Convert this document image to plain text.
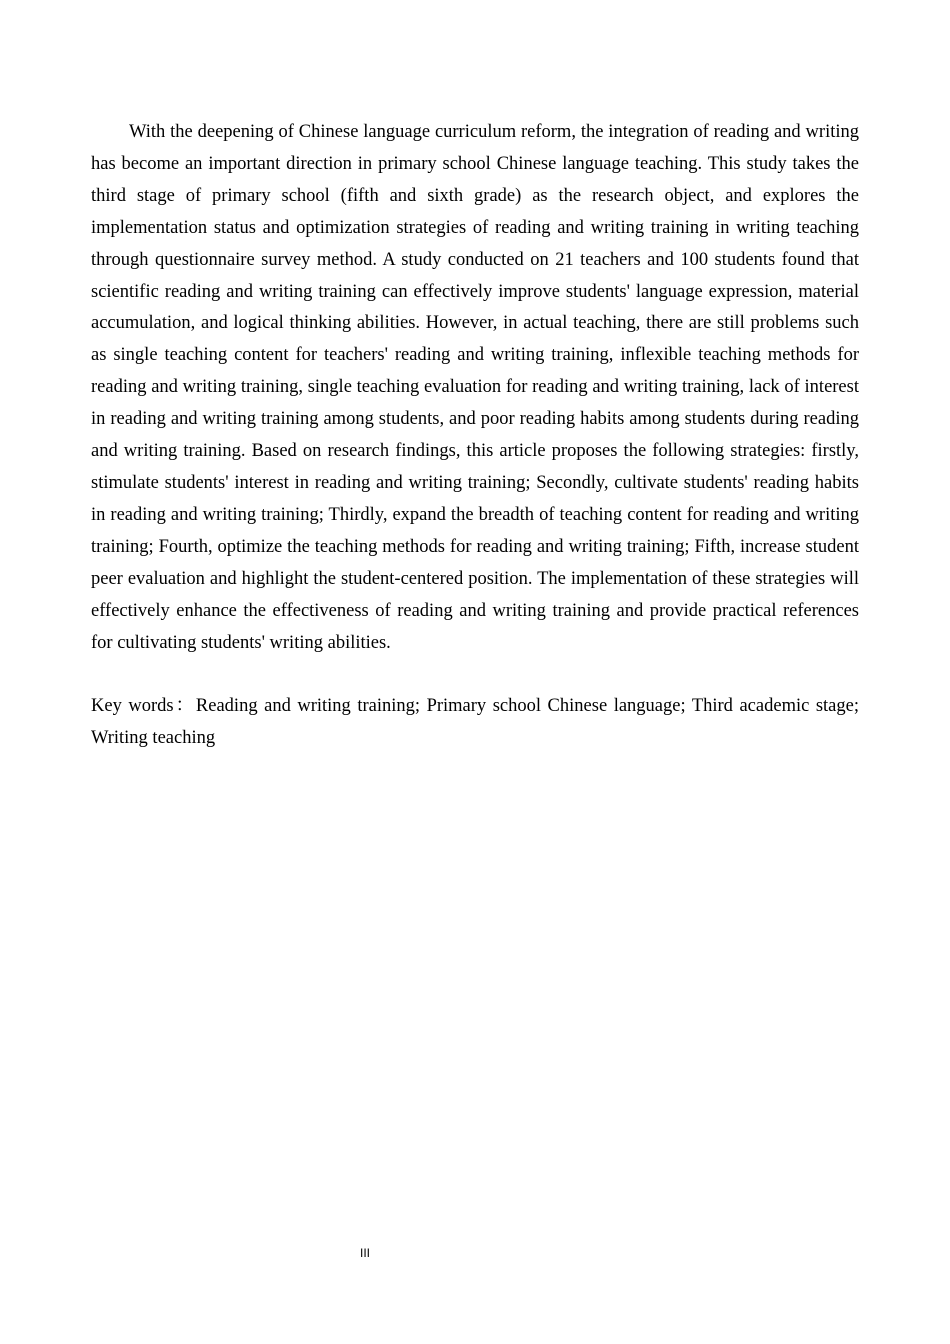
With the deepening of Chinese language curriculum reform, the integration of reading and writing has become an important direction in primary school Chinese language teaching. This study takes the third stage of primary school (fifth and sixth grade) as the research object, and explores the implementation status and optimization strategies of reading and writing training in writing teaching through questionnaire survey method. A study conducted on 21 teachers and 100 students found that scientific reading and writing training can effectively improve students' language expression, material accumulation, and logical thinking abilities. However, in actual teaching, there are still problems such as single teaching content for teachers' reading and writing training, inflexible teaching methods for reading and writing training, single teaching evaluation for reading and writing training, lack of interest in reading and writing training among students, and poor reading habits among students during reading and writing training. Based on research findings, this article proposes the following strategies: firstly, stimulate students' interest in reading and writing training; Secondly, cultivate students' reading habits in reading and writing training; Thirdly, expand the breadth of teaching content for reading and writing training; Fourth, optimize the teaching methods for reading and writing training; Fifth, increase student peer evaluation and highlight the student-centered position. The implementation of these strategies will effectively enhance the effectiveness of reading and writing training and provide practical references for cultivating students' writing abilities.

Key words：Reading and writing training; Primary school Chinese language; Third academic stage; Writing teaching

III
